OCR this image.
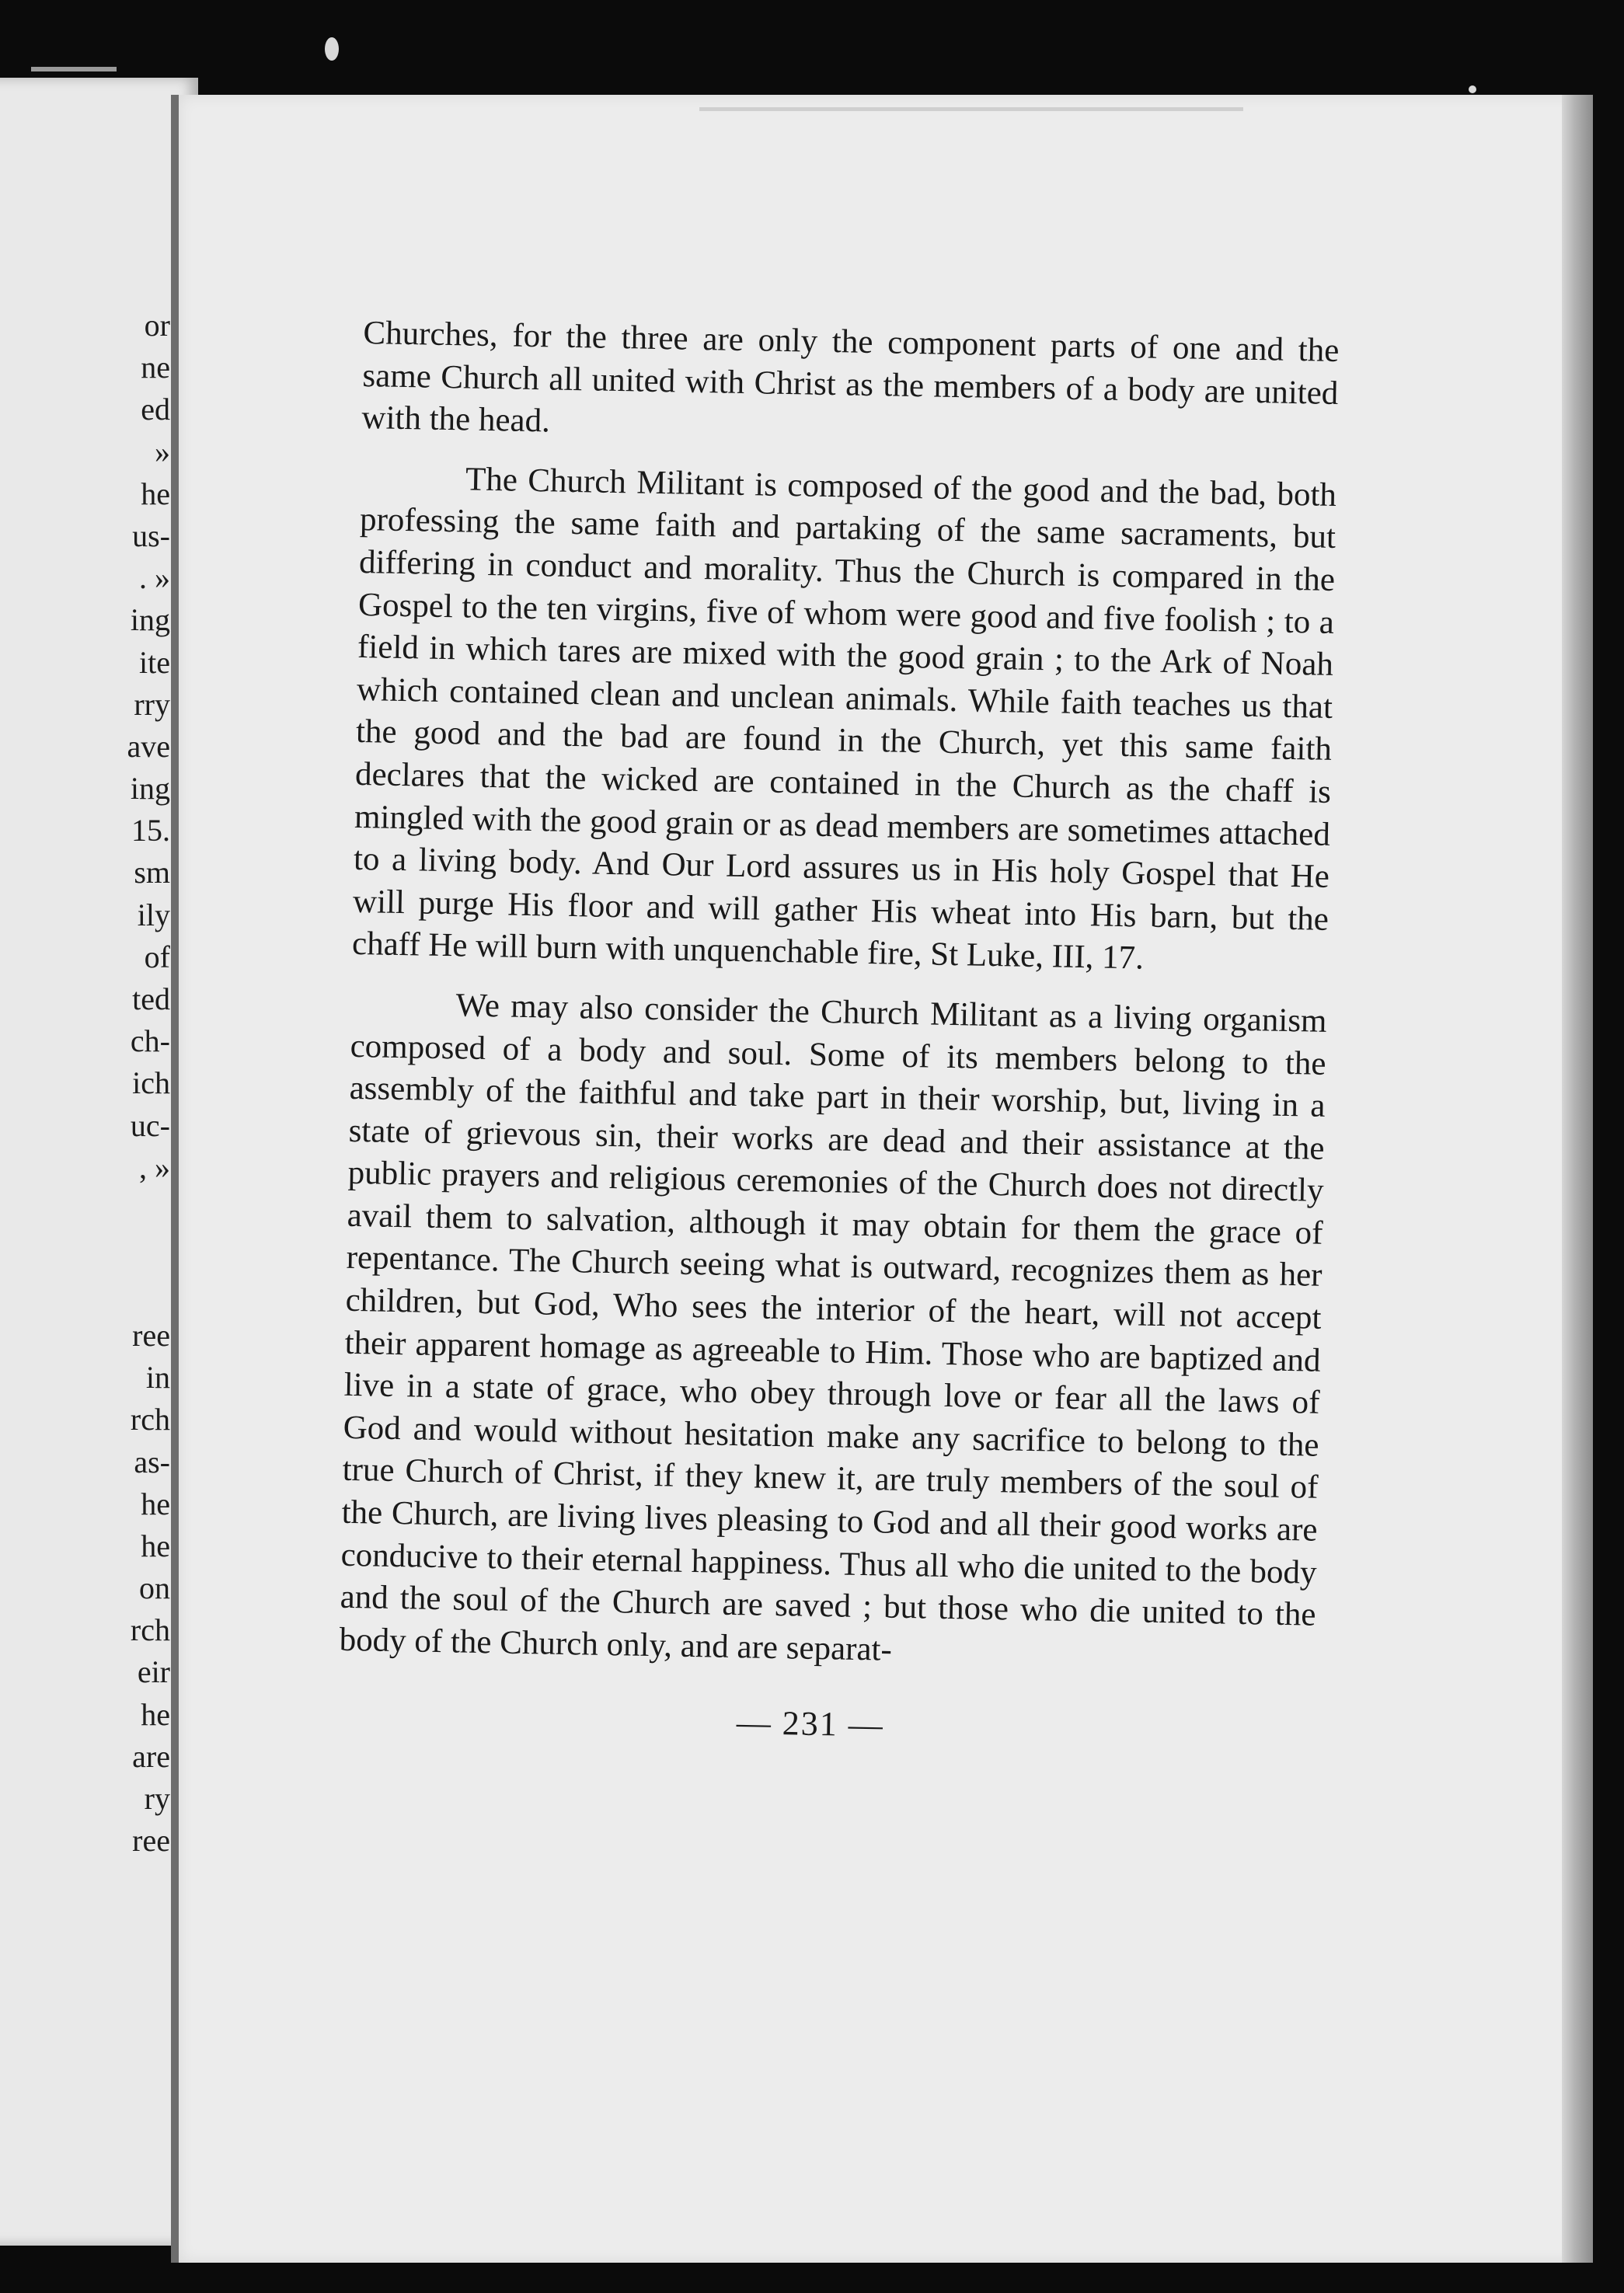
or
ne
ed
»
he
us-
. »
ing
ite
rry
ave
ing
15.
sm
ily
of
ted
ch-
ich
uc-
, »
ree
in
rch
as-
he
he
on
rch
eir
he
are
ry
ree

Churches, for the three are only the component parts of one and the same Church all united with Christ as the members of a body are united with the head.

The Church Militant is composed of the good and the bad, both professing the same faith and partaking of the same sacraments, but differing in conduct and morality. Thus the Church is compared in the Gospel to the ten virgins, five of whom were good and five foolish ; to a field in which tares are mixed with the good grain ; to the Ark of Noah which contained clean and unclean animals. While faith teaches us that the good and the bad are found in the Church, yet this same faith declares that the wicked are contained in the Church as the chaff is mingled with the good grain or as dead members are sometimes attached to a living body. And Our Lord assures us in His holy Gospel that He will purge His floor and will gather His wheat into His barn, but the chaff He will burn with unquenchable fire, St Luke, III, 17.

We may also consider the Church Militant as a living organism composed of a body and soul. Some of its members belong to the assembly of the faithful and take part in their worship, but, living in a state of grievous sin, their works are dead and their assistance at the public prayers and religious ceremonies of the Church does not directly avail them to salvation, although it may obtain for them the grace of repentance. The Church seeing what is outward, recognizes them as her children, but God, Who sees the interior of the heart, will not accept their apparent homage as agreeable to Him. Those who are baptized and live in a state of grace, who obey through love or fear all the laws of God and would without hesitation make any sacrifice to belong to the true Church of Christ, if they knew it, are truly members of the soul of the Church, are living lives pleasing to God and all their good works are conducive to their eternal happiness. Thus all who die united to the body and the soul of the Church are saved ; but those who die united to the body of the Church only, and are separat-

— 231 —
